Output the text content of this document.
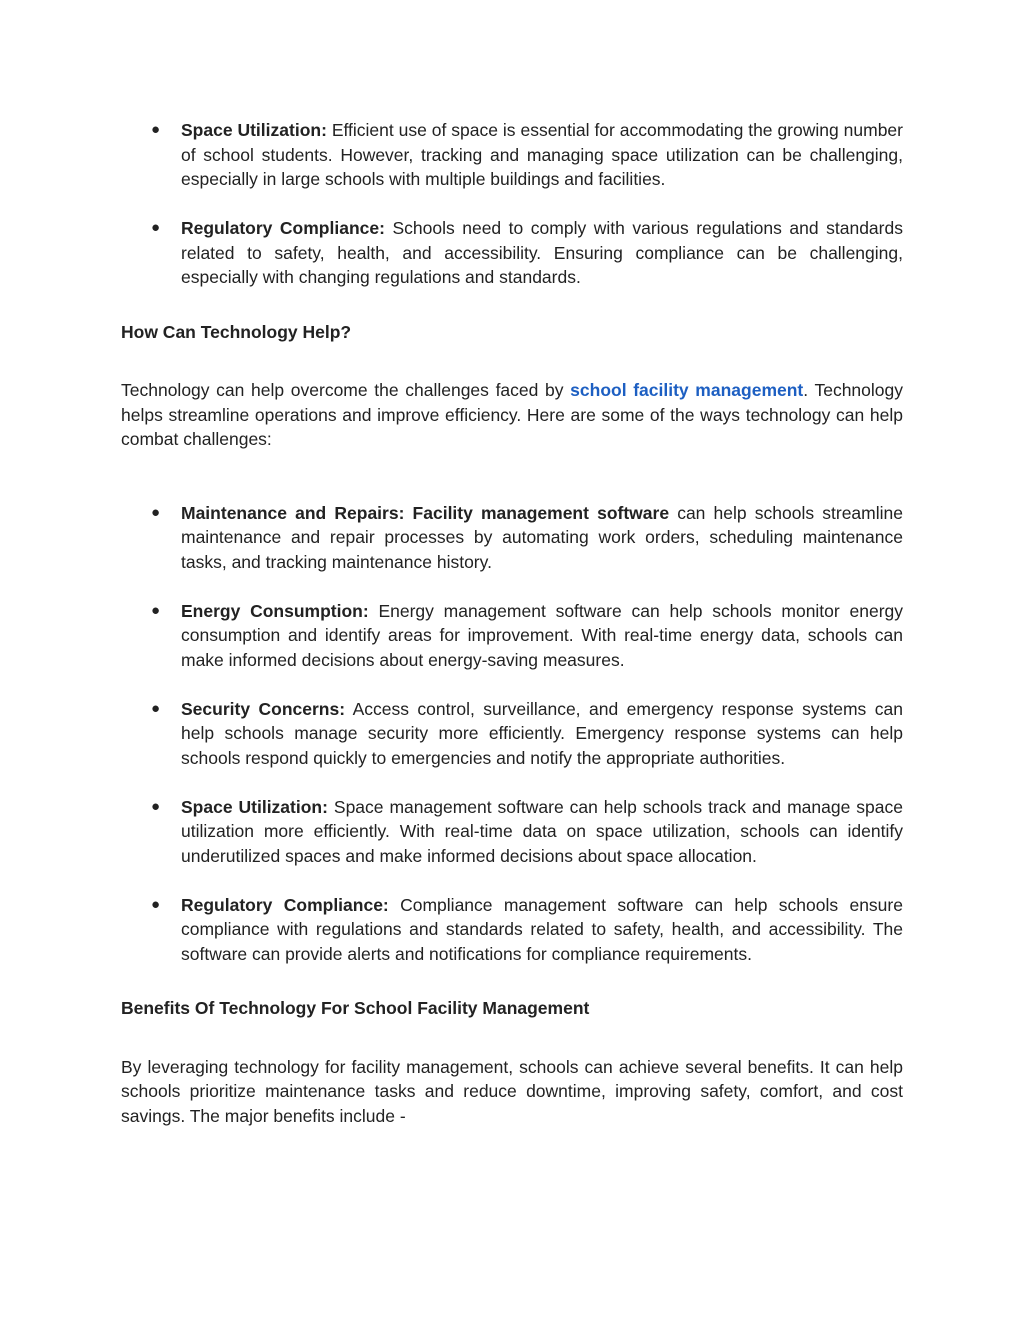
● Space Utilization: Efficient use of space is essential for accommodating the growing number of school students. However, tracking and managing space utilization can be challenging, especially in large schools with multiple buildings and facilities.
● Regulatory Compliance: Schools need to comply with various regulations and standards related to safety, health, and accessibility. Ensuring compliance can be challenging, especially with changing regulations and standards.

How Can Technology Help?

Technology can help overcome the challenges faced by school facility management. Technology helps streamline operations and improve efficiency. Here are some of the ways technology can help combat challenges:

● Maintenance and Repairs: Facility management software can help schools streamline maintenance and repair processes by automating work orders, scheduling maintenance tasks, and tracking maintenance history.
● Energy Consumption: Energy management software can help schools monitor energy consumption and identify areas for improvement. With real-time energy data, schools can make informed decisions about energy-saving measures.
● Security Concerns: Access control, surveillance, and emergency response systems can help schools manage security more efficiently. Emergency response systems can help schools respond quickly to emergencies and notify the appropriate authorities.
● Space Utilization: Space management software can help schools track and manage space utilization more efficiently. With real-time data on space utilization, schools can identify underutilized spaces and make informed decisions about space allocation.
● Regulatory Compliance: Compliance management software can help schools ensure compliance with regulations and standards related to safety, health, and accessibility. The software can provide alerts and notifications for compliance requirements.

Benefits Of Technology For School Facility Management

By leveraging technology for facility management, schools can achieve several benefits. It can help schools prioritize maintenance tasks and reduce downtime, improving safety, comfort, and cost savings. The major benefits include -
